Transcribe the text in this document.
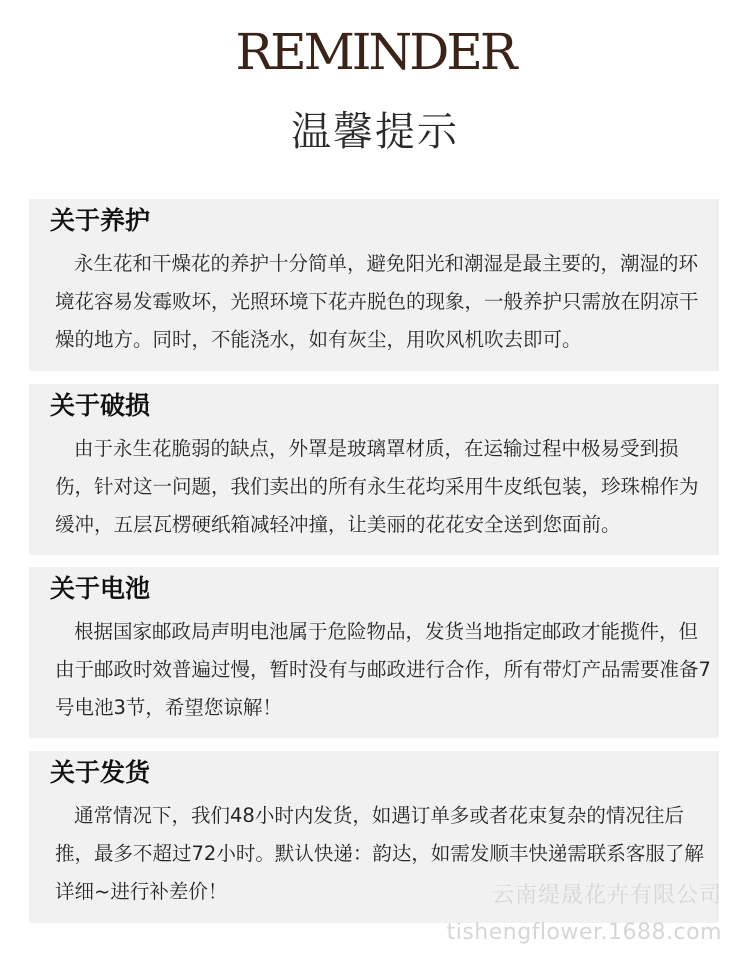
REMINDER
温馨提示
关于养护

永生花和干燥花的养护十分简单，避免阳光和潮湿是最主要的，潮湿的环境花容易发霉败坏，光照环境下花卉脱色的现象，一般养护只需放在阴凉干燥的地方。同时，不能浇水，如有灰尘，用吹风机吹去即可。

关于破损

由于永生花脆弱的缺点，外罩是玻璃罩材质，在运输过程中极易受到损伤，针对这一问题，我们卖出的所有永生花均采用牛皮纸包装，珍珠棉作为缓冲，五层瓦楞硬纸箱减轻冲撞，让美丽的花花安全送到您面前。

关于电池

根据国家邮政局声明电池属于危险物品，发货当地指定邮政才能揽件，但由于邮政时效普遍过慢，暂时没有与邮政进行合作，所有带灯产品需要准备7号电池3节，希望您谅解！

关于发货

通常情况下，我们48小时内发货，如遇订单多或者花束复杂的情况往后推，最多不超过72小时。默认快递：韵达，如需发顺丰快递需联系客服了解详细~进行补差价！	云南缇晟花卉有限公司
tishengflower.1688.com
